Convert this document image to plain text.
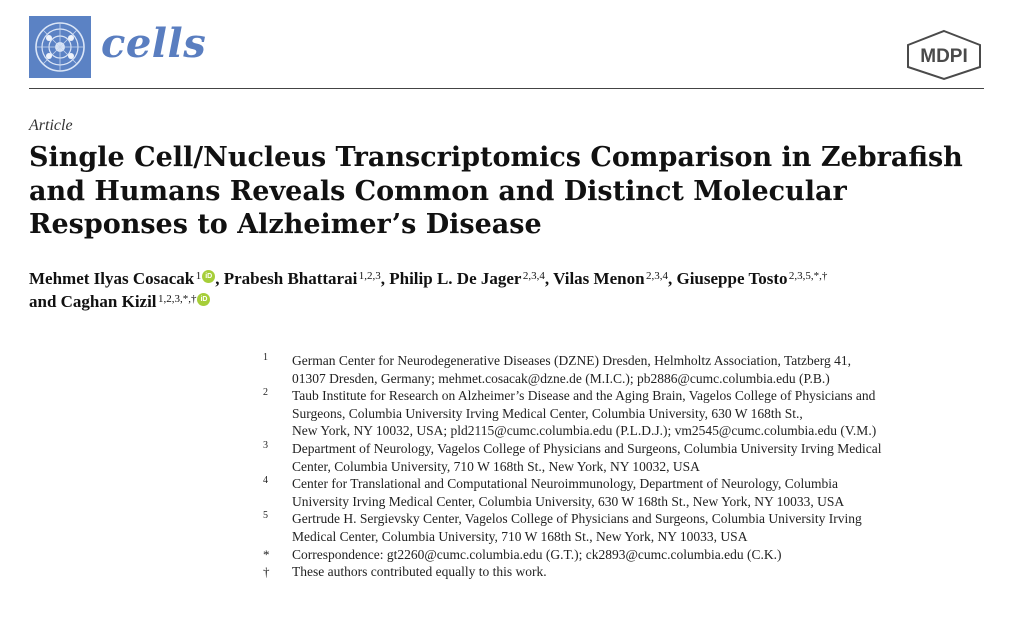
cells	MDPI
Article
Single Cell/Nucleus Transcriptomics Comparison in Zebrafish
and Humans Reveals Common and Distinct Molecular
Responses to Alzheimer’s Disease
Mehmet Ilyas Cosacak $^1$ iD , Prabesh Bhattarai $^{1,2,3}$, Philip L. De Jager $^{2,3,4}$, Vilas Menon $^{2,3,4}$, Giuseppe Tosto $^{2,3,5,*,\dagger}$
and Caghan Kizil $^{1,2,3,*,\dagger}$ iD
1	German Center for Neurodegenerative Diseases (DZNE) Dresden, Helmholtz Association, Tatzberg 41,
01307 Dresden, Germany; mehmet.cosacak@dzne.de (M.I.C.); pb2886@cumc.columbia.edu (P.B.)
2	Taub Institute for Research on Alzheimer’s Disease and the Aging Brain, Vagelos College of Physicians and
Surgeons, Columbia University Irving Medical Center, Columbia University, 630 W 168th St.,
New York, NY 10032, USA; pld2115@cumc.columbia.edu (P.L.D.J.); vm2545@cumc.columbia.edu (V.M.)
3	Department of Neurology, Vagelos College of Physicians and Surgeons, Columbia University Irving Medical
Center, Columbia University, 710 W 168th St., New York, NY 10032, USA
4	Center for Translational and Computational Neuroimmunology, Department of Neurology, Columbia
University Irving Medical Center, Columbia University, 630 W 168th St., New York, NY 10033, USA
5	Gertrude H. Sergievsky Center, Vagelos College of Physicians and Surgeons, Columbia University Irving
Medical Center, Columbia University, 710 W 168th St., New York, NY 10033, USA
*	Correspondence: gt2260@cumc.columbia.edu (G.T.); ck2893@cumc.columbia.edu (C.K.)
†	These authors contributed equally to this work.
